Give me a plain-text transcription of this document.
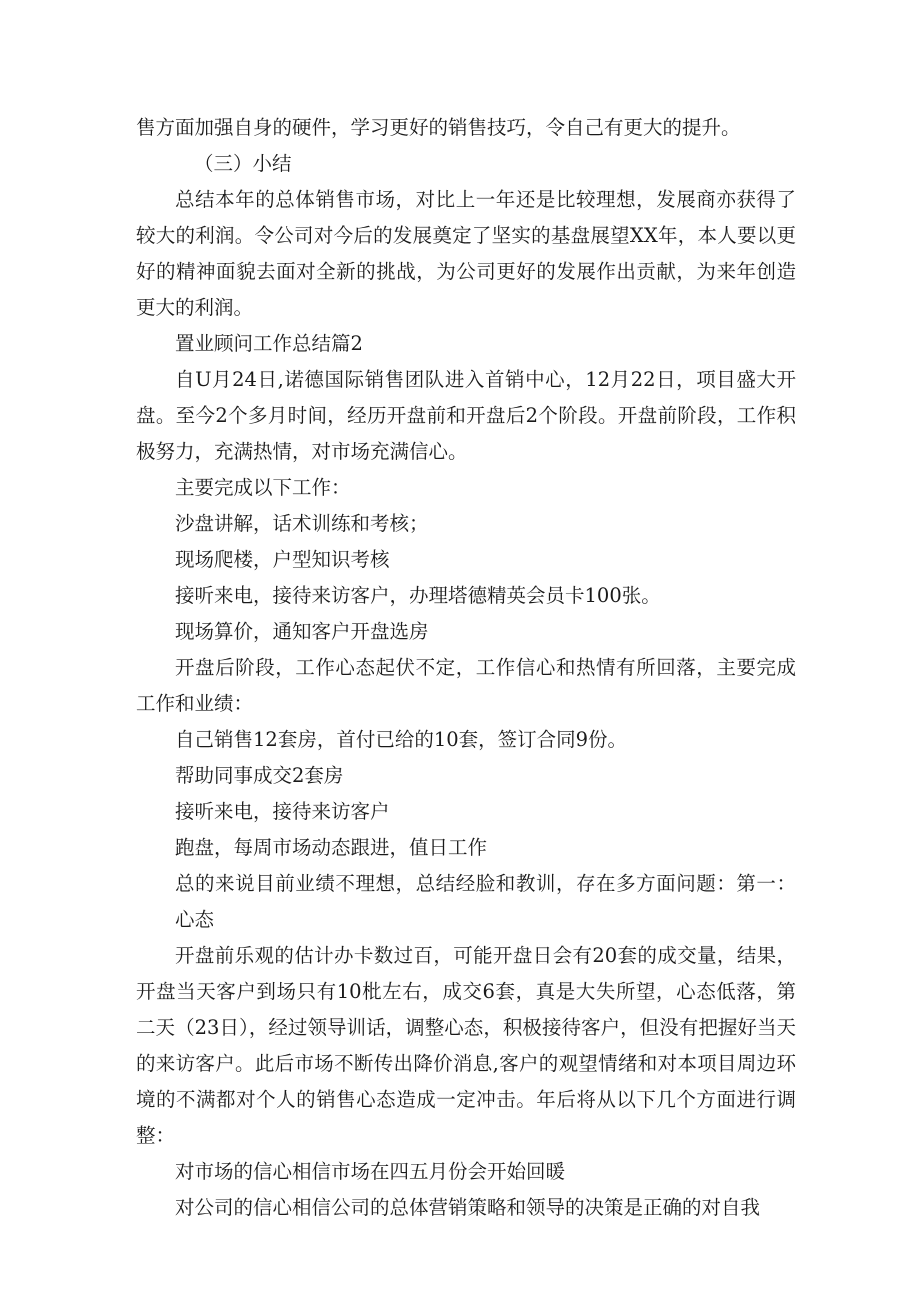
售方面加强自身的硬件，学习更好的销售技巧，令自己有更大的提升。

（三）小结

总结本年的总体销售市场，对比上一年还是比较理想，发展商亦获得了较大的利润。令公司对今后的发展奠定了坚实的基盘展望XX年，本人要以更好的精神面貌去面对全新的挑战，为公司更好的发展作出贡献，为来年创造更大的利润。

置业顾问工作总结篇2

自U月24日,诺德国际销售团队进入首销中心，12月22日，项目盛大开盘。至今2个多月时间，经历开盘前和开盘后2个阶段。开盘前阶段，工作积极努力，充满热情，对市场充满信心。

主要完成以下工作：

沙盘讲解，话术训练和考核；

现场爬楼，户型知识考核

接听来电，接待来访客户，办理塔德精英会员卡100张。

现场算价，通知客户开盘选房

开盘后阶段，工作心态起伏不定，工作信心和热情有所回落，主要完成工作和业绩：

自己销售12套房，首付已给的10套，签订合同9份。

帮助同事成交2套房

接听来电，接待来访客户

跑盘，每周市场动态跟进，值日工作

总的来说目前业绩不理想，总结经脸和教训，存在多方面问题：第一：心态

开盘前乐观的估计办卡数过百，可能开盘日会有20套的成交量，结果，开盘当天客户到场只有10枇左右，成交6套，真是大失所望，心态低落，第二天（23日），经过领导训话，调整心态，积极接待客户，但没有把握好当天的来访客户。此后市场不断传出降价消息,客户的观望情绪和对本项目周边环境的不满都对个人的销售心态造成一定冲击。年后将从以下几个方面进行调整：

对市场的信心相信市场在四五月份会开始回暖

对公司的信心相信公司的总体营销策略和领导的决策是正确的对自我
